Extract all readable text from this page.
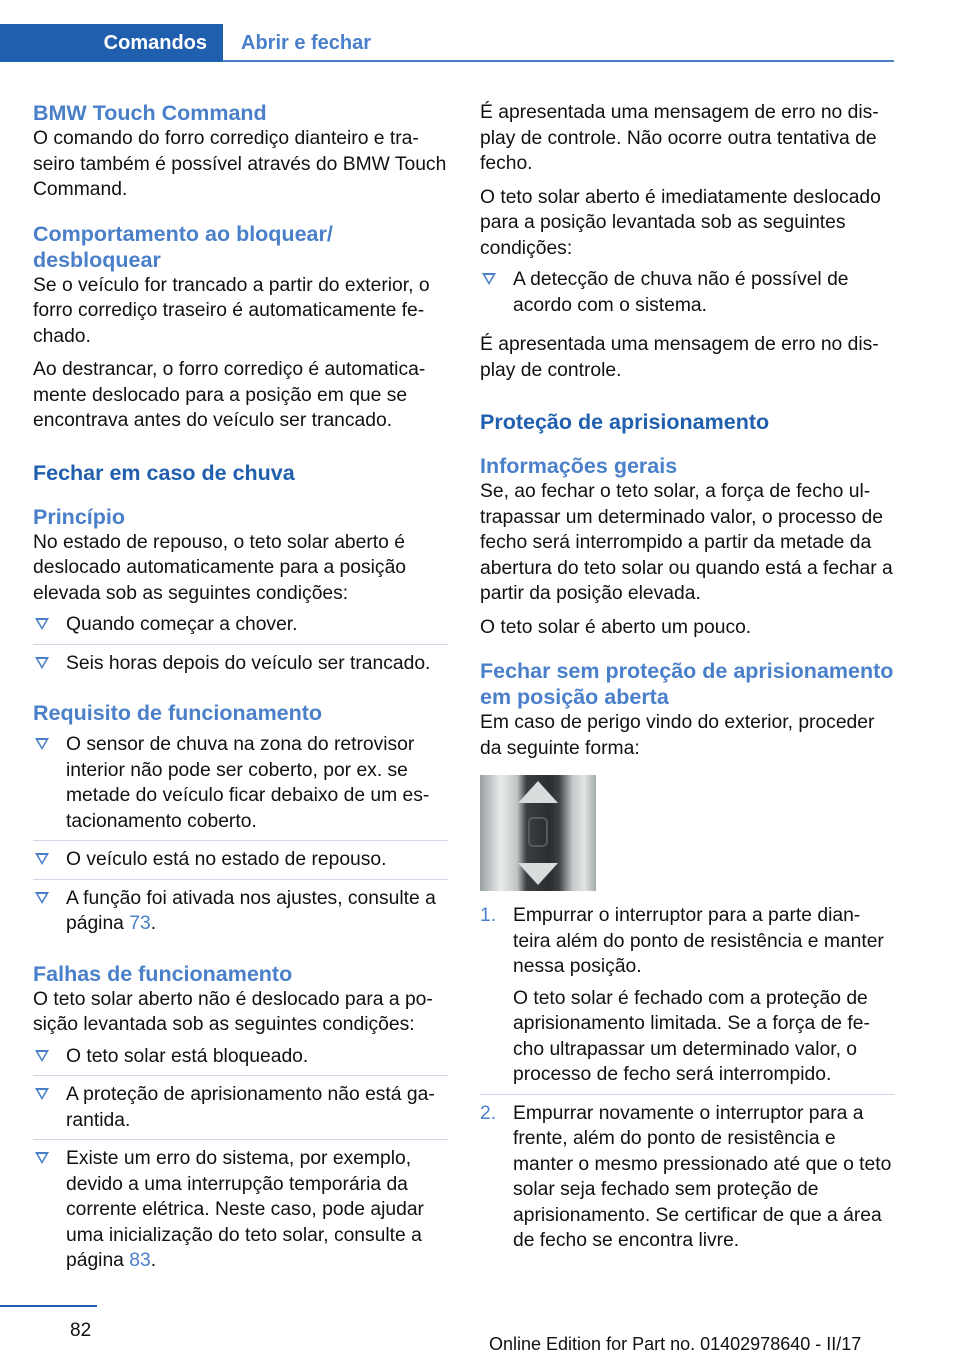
Comandos	Abrir e fechar
BMW Touch Command

O comando do forro corrediço dianteiro e tra-seiro também é possível através do BMW Touch Command.

Comportamento ao bloquear/ desbloquear

Se o veículo for trancado a partir do exterior, o forro corrediço traseiro é automaticamente fe-chado.

Ao destrancar, o forro corrediço é automatica-mente deslocado para a posição em que se encontrava antes do veículo ser trancado.

Fechar em caso de chuva
Princípio

No estado de repouso, o teto solar aberto é deslocado automaticamente para a posição elevada sob as seguintes condições:

Quando começar a chover.
Seis horas depois do veículo ser trancado.
Requisito de funcionamento
O sensor de chuva na zona do retrovisor interior não pode ser coberto, por ex. se metade do veículo ficar debaixo de um es-tacionamento coberto.
O veículo está no estado de repouso.
A função foi ativada nos ajustes, consulte a página 73.
Falhas de funcionamento

O teto solar aberto não é deslocado para a po-sição levantada sob as seguintes condições:

O teto solar está bloqueado.
A proteção de aprisionamento não está ga-rantida.
Existe um erro do sistema, por exemplo, devido a uma interrupção temporária da corrente elétrica. Neste caso, pode ajudar uma inicialização do teto solar, consulte a página 83.

É apresentada uma mensagem de erro no dis-play de controle. Não ocorre outra tentativa de fecho.

O teto solar aberto é imediatamente deslocado para a posição levantada sob as seguintes condições:

A detecção de chuva não é possível de acordo com o sistema.

É apresentada uma mensagem de erro no dis-play de controle.

Proteção de aprisionamento
Informações gerais

Se, ao fechar o teto solar, a força de fecho ul-trapassar um determinado valor, o processo de fecho será interrompido a partir da metade da abertura do teto solar ou quando está a fechar a partir da posição elevada.

O teto solar é aberto um pouco.

Fechar sem proteção de aprisionamento em posição aberta

Em caso de perigo vindo do exterior, proceder da seguinte forma:

1. Empurrar o interruptor para a parte dian-teira além do ponto de resistência e manter nessa posição.

O teto solar é fechado com a proteção de aprisionamento limitada. Se a força de fe-cho ultrapassar um determinado valor, o processo de fecho será interrompido.

2. Empurrar novamente o interruptor para a frente, além do ponto de resistência e manter o mesmo pressionado até que o teto solar seja fechado sem proteção de aprisionamento. Se certificar de que a área de fecho se encontra livre.

82
Online Edition for Part no. 01402978640 - II/17
